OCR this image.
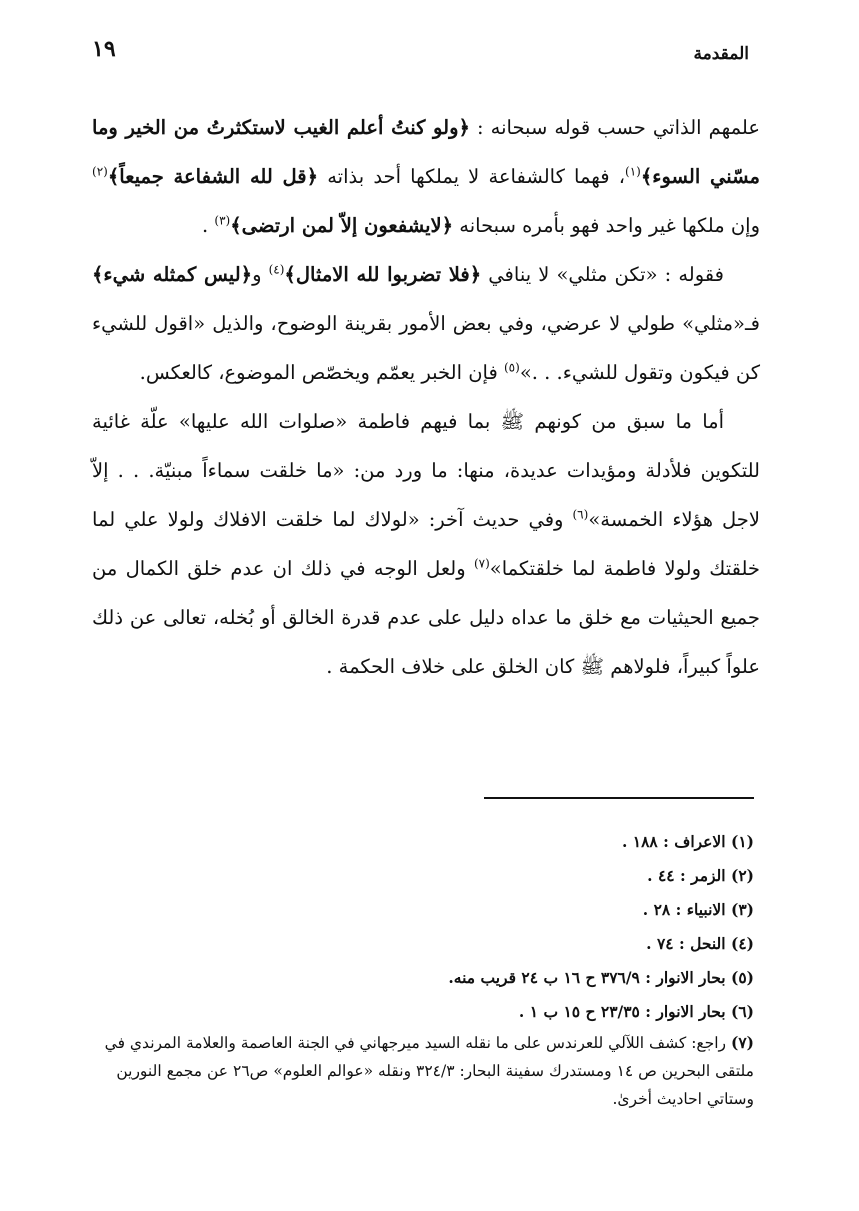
١٩	المقدمة

علمهم الذاتي حسب قوله سبحانه : ﴿ولو كنتُ أعلم الغيب لاستكثرتُ من الخير وما مسّني السوء﴾$^{(١)}$، فهما كالشفاعة لا يملكها أحد بذاته ﴿قل لله الشفاعة جميعاً﴾$^{(٢)}$ وإن ملكها غير واحد فهو بأمره سبحانه ﴿لايشفعون إلاّ لمن ارتضى﴾$^{(٣)}$ .

فقوله : «تكن مثلي» لا ينافي ﴿فلا تضربوا لله الامثال﴾$^{(٤)}$ و﴿ليس كمثله شيء﴾ فـ«مثلي» طولي لا عرضي، وفي بعض الأمور بقرينة الوضوح، والذيل «اقول للشيء كن فيكون وتقول للشيء. . .»$^{(٥)}$ فإن الخبر يعمّم ويخصّص الموضوع، كالعكس.

أما ما سبق من كونهم ﷺ بما فيهم فاطمة «صلوات الله عليها» علّة غائية للتكوين فلأدلة ومؤيدات عديدة، منها: ما ورد من: «ما خلقت سماءاً مبنيّة. . . إلاّ لاجل هؤلاء الخمسة»$^{(٦)}$ وفي حديث آخر: «لولاك لما خلقت الافلاك ولولا علي لما خلقتك ولولا فاطمة لما خلقتكما»$^{(٧)}$ ولعل الوجه في ذلك ان عدم خلق الكمال من جميع الحيثيات مع خلق ما عداه دليل على عدم قدرة الخالق أو بُخله، تعالى عن ذلك علواً كبيراً، فلولاهم ﷺ كان الخلق على خلاف الحكمة .

(١) الاعراف : ١٨٨ .

(٢) الزمر : ٤٤ .

(٣) الانبياء : ٢٨ .

(٤) النحل : ٧٤ .

(٥) بحار الانوار : ٣٧٦/٩ ح ١٦ ب ٢٤ قريب منه.

(٦) بحار الانوار : ٢٣/٣٥ ح ١٥ ب ١ .

(٧) راجع: كشف اللآلي للعرندس على ما نقله السيد ميرجهاني في الجنة العاصمة والعلامة المرندي في ملتقى البحرين ص ١٤ ومستدرك سفينة البحار: ٣٢٤/٣ ونقله «عوالم العلوم» ص٢٦ عن مجمع النورين وستاتي احاديث أخرىٰ.
